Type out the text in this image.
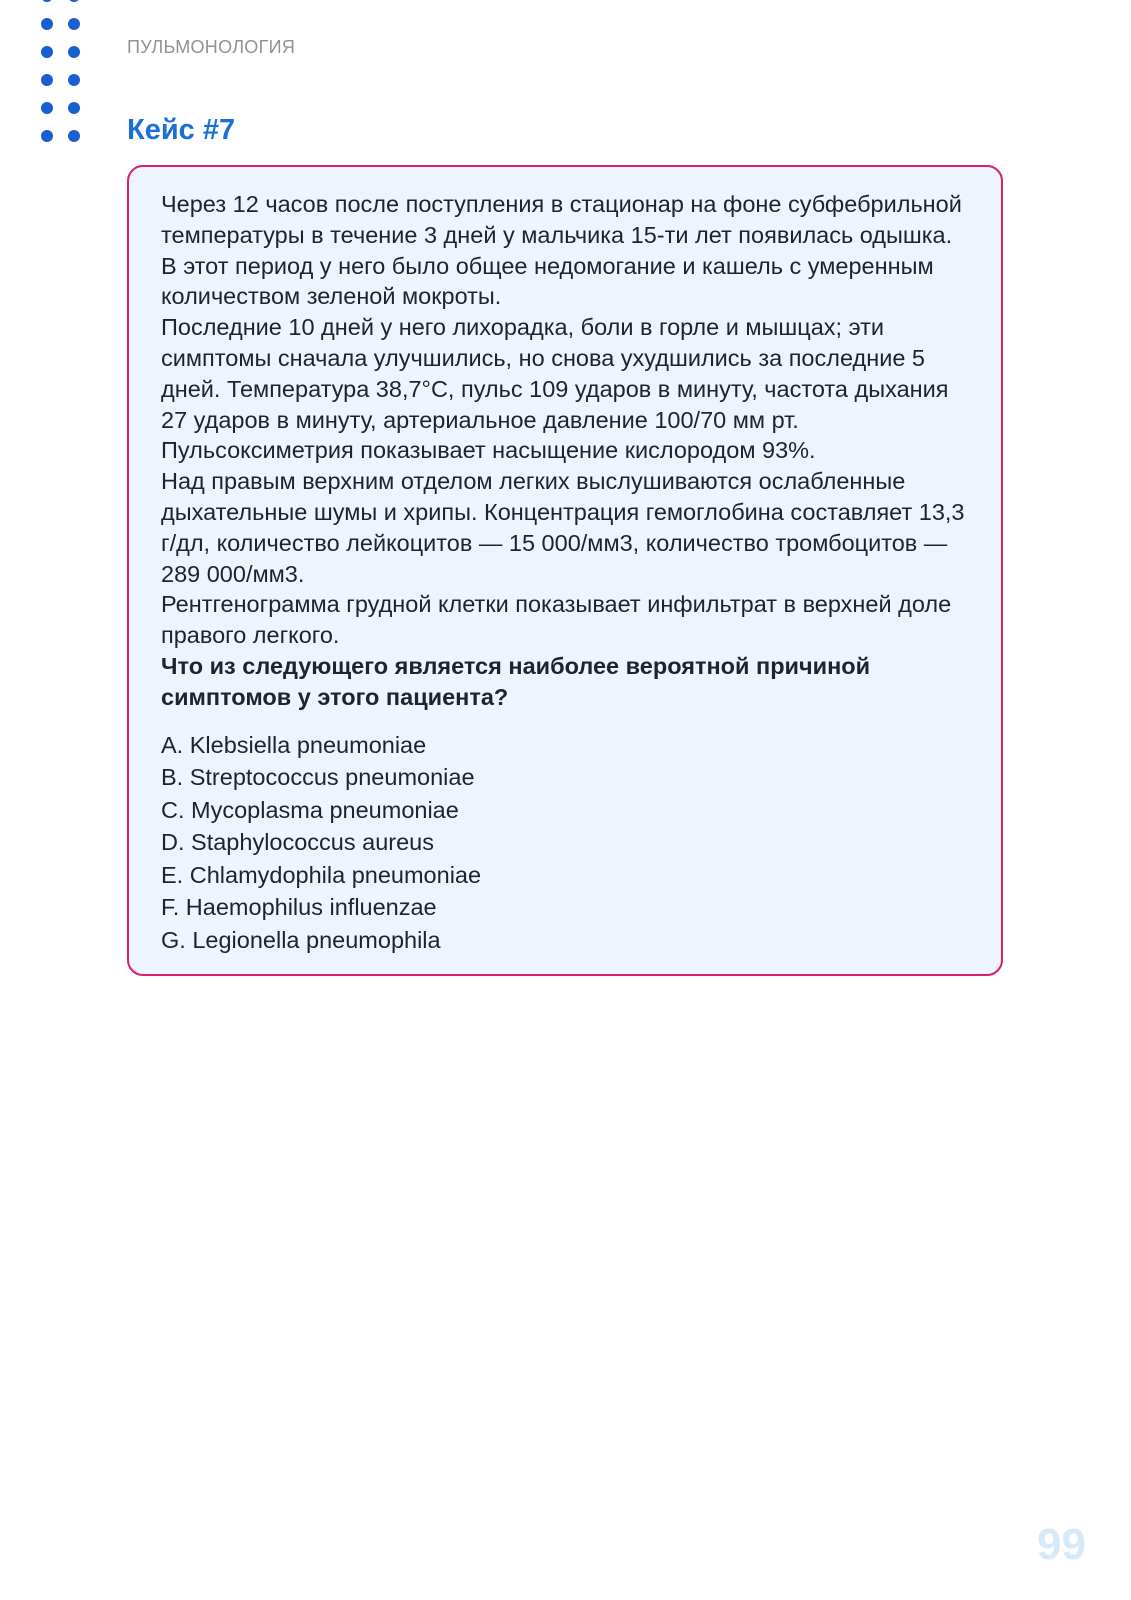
ПУЛЬМОНОЛОГИЯ
Кейс #7

Через 12 часов после поступления в стационар на фоне субфебрильной температуры в течение 3 дней у мальчика 15-ти лет появилась одышка. В этот период у него было общее недомогание и кашель с умеренным количеством зеленой мокроты.

Последние 10 дней у него лихорадка, боли в горле и мышцах; эти симптомы сначала улучшились, но снова ухудшились за последние 5 дней. Температура 38,7°С, пульс 109 ударов в минуту, частота дыхания 27 ударов в минуту, артериальное давление 100/70 мм рт. Пульсоксиметрия показывает насыщение кислородом 93%.

Над правым верхним отделом легких выслушиваются ослабленные дыхательные шумы и хрипы. Концентрация гемоглобина составляет 13,3 г/дл, количество лейкоцитов — 15 000/мм3, количество тромбоцитов — 289 000/мм3.

Рентгенограмма грудной клетки показывает инфильтрат в верхней доле правого легкого.

Что из следующего является наиболее вероятной причиной симптомов у этого пациента?

A. Klebsiella pneumoniae
B. Streptococcus pneumoniae
C. Mycoplasma pneumoniae
D. Staphylococcus aureus
E. Chlamydophila pneumoniae
F. Haemophilus influenzae
G. Legionella pneumophila
99
